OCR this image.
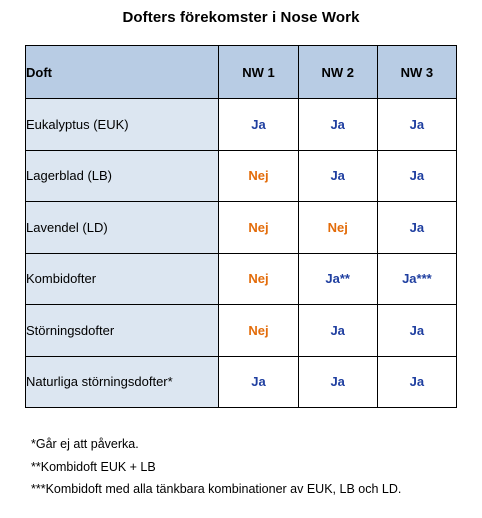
Dofters förekomster i Nose Work
Doft	NW 1	NW 2	NW 3
Eukalyptus (EUK)	Ja	Ja	Ja
Lagerblad (LB)	Nej	Ja	Ja
Lavendel (LD)	Nej	Nej	Ja
Kombidofter	Nej	Ja**	Ja***
Störningsdofter	Nej	Ja	Ja
Naturliga störningsdofter*	Ja	Ja	Ja
*Går ej att påverka.
**Kombidoft EUK + LB
***Kombidoft med alla tänkbara kombinationer av EUK, LB och LD.
